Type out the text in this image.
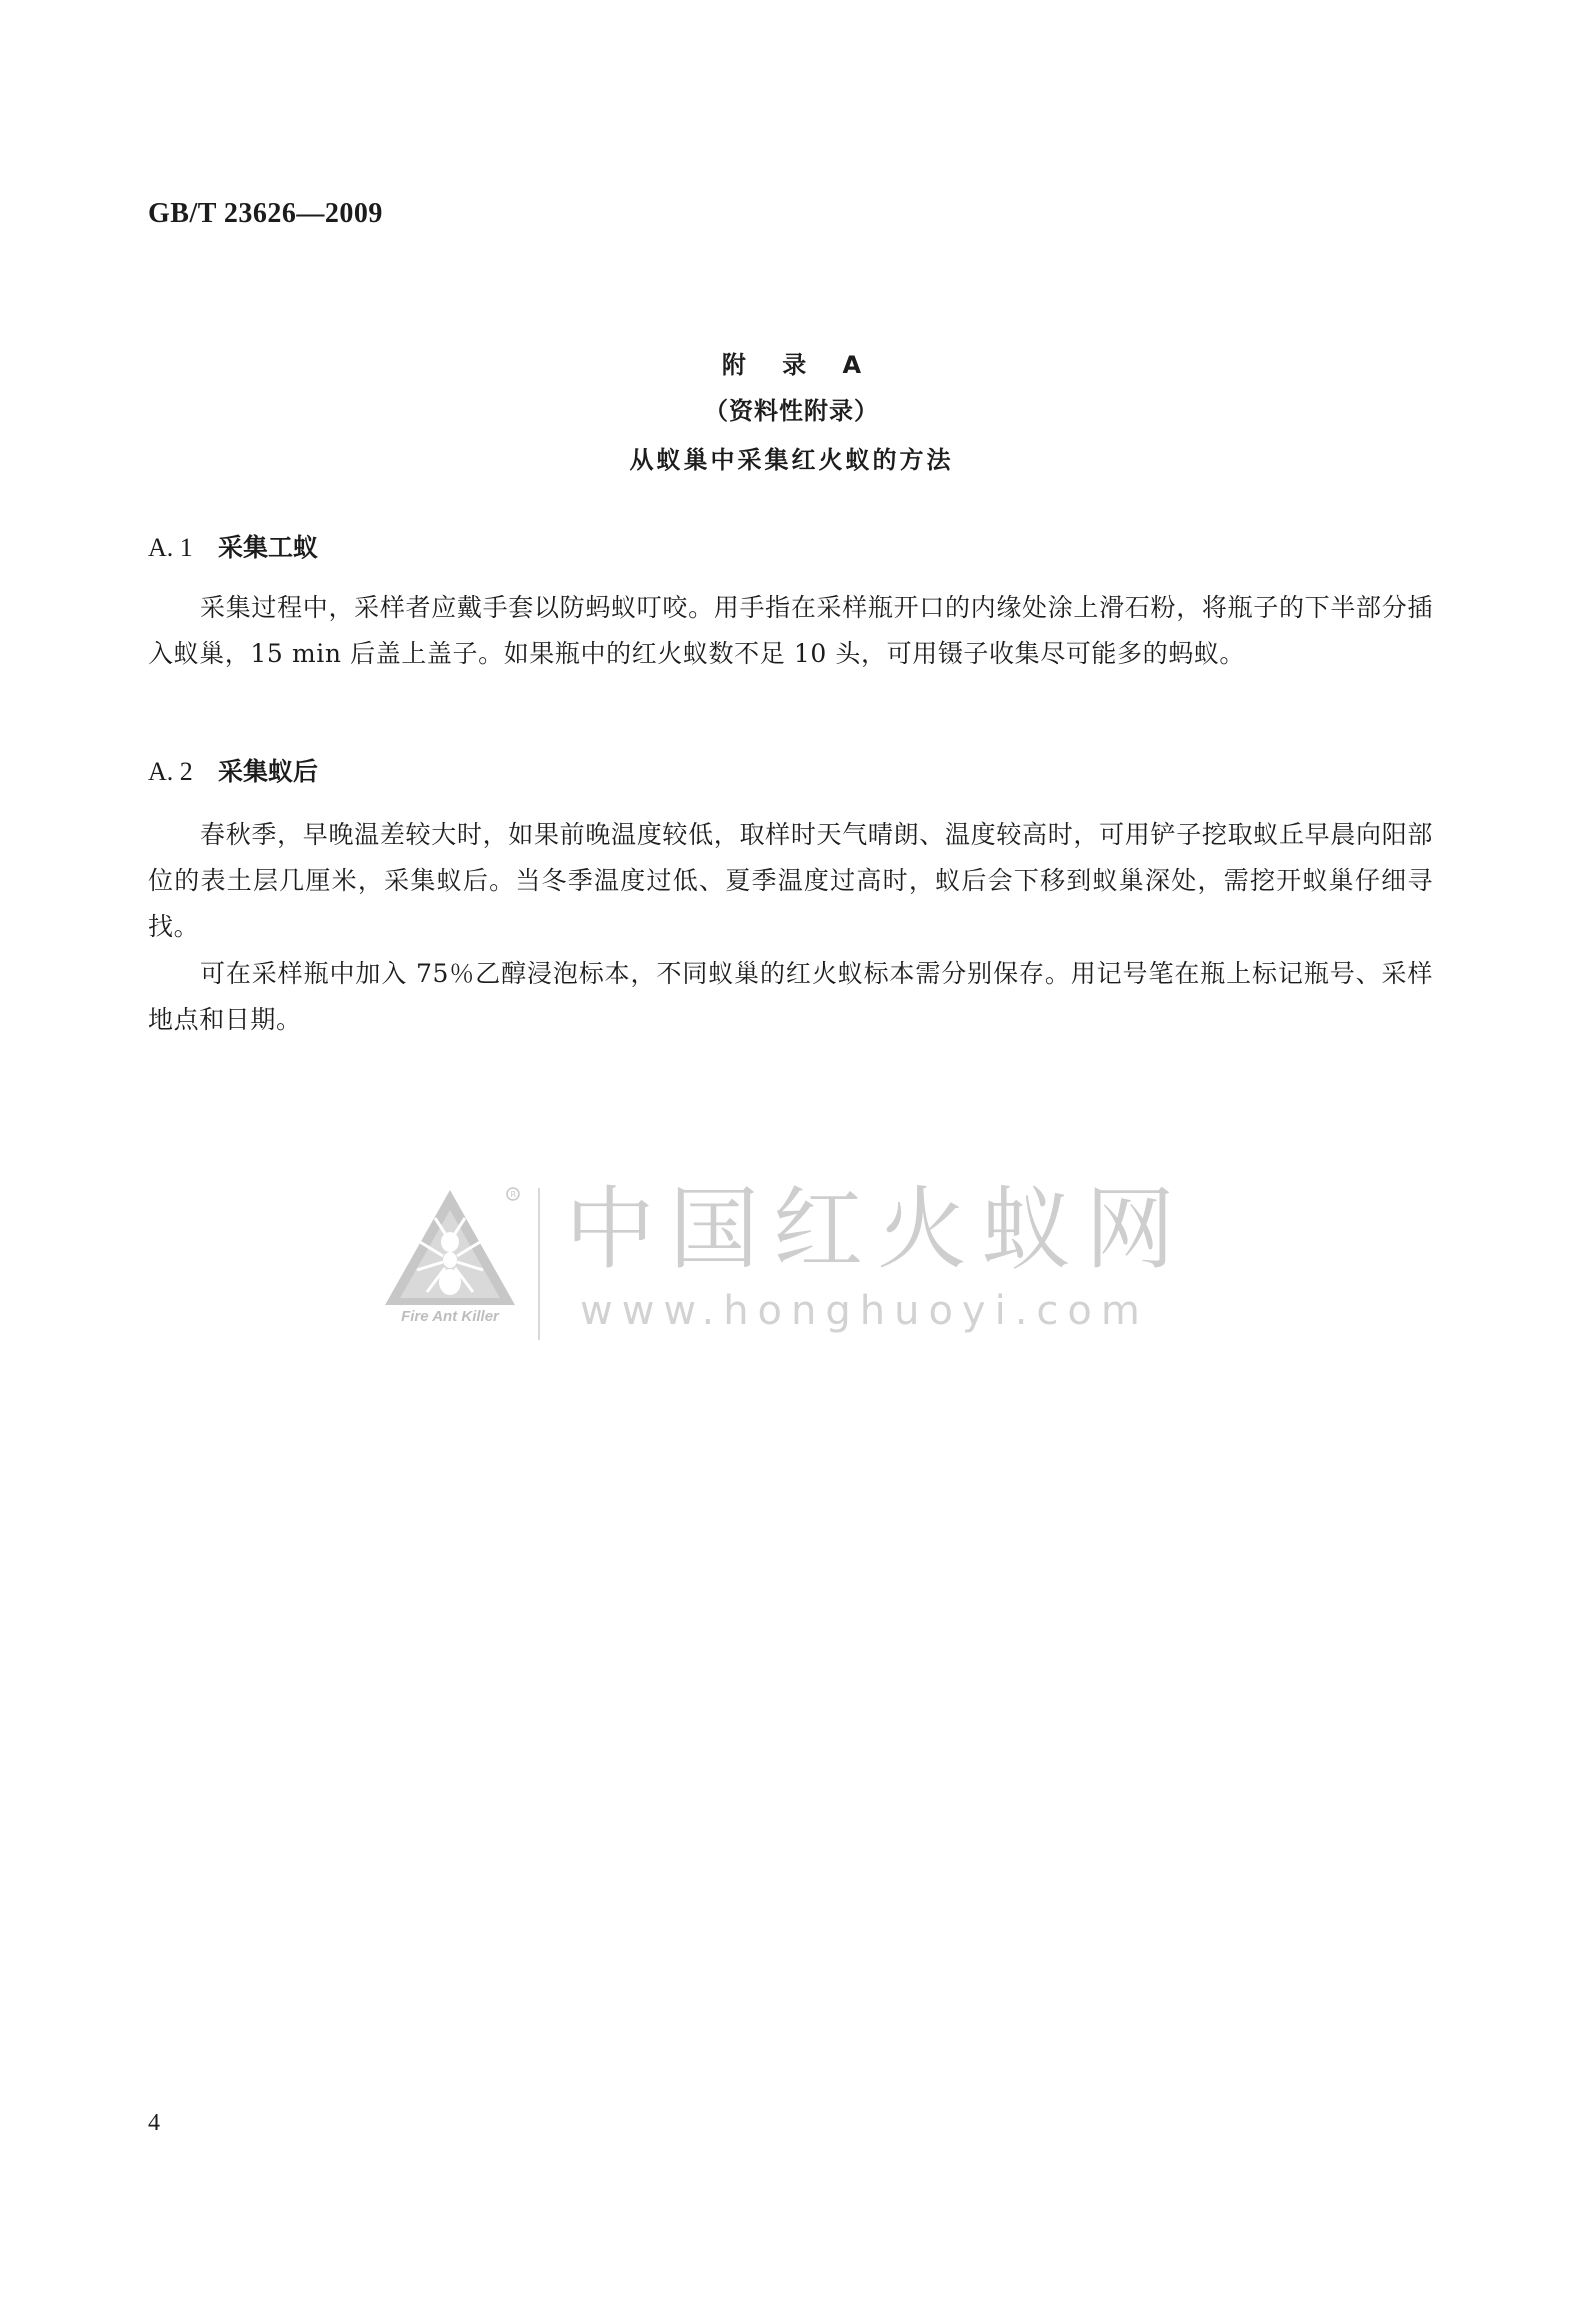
GB/T 23626—2009
附 录 A
（资料性附录）
从蚁巢中采集红火蚁的方法
A. 1 采集工蚁
采集过程中，采样者应戴手套以防蚂蚁叮咬。用手指在采样瓶开口的内缘处涂上滑石粉，将瓶子的下半部分插入蚁巢，15 min 后盖上盖子。如果瓶中的红火蚁数不足 10 头，可用镊子收集尽可能多的蚂蚁。
A. 2 采集蚁后
春秋季，早晚温差较大时，如果前晚温度较低，取样时天气晴朗、温度较高时，可用铲子挖取蚁丘早晨向阳部位的表土层几厘米，采集蚁后。当冬季温度过低、夏季温度过高时，蚁后会下移到蚁巢深处，需挖开蚁巢仔细寻找。
可在采样瓶中加入 75％乙醇浸泡标本，不同蚁巢的红火蚁标本需分别保存。用记号笔在瓶上标记瓶号、采样地点和日期。
R
Fire Ant Killer
中国红火蚁网
www.honghuoyi.com
4
